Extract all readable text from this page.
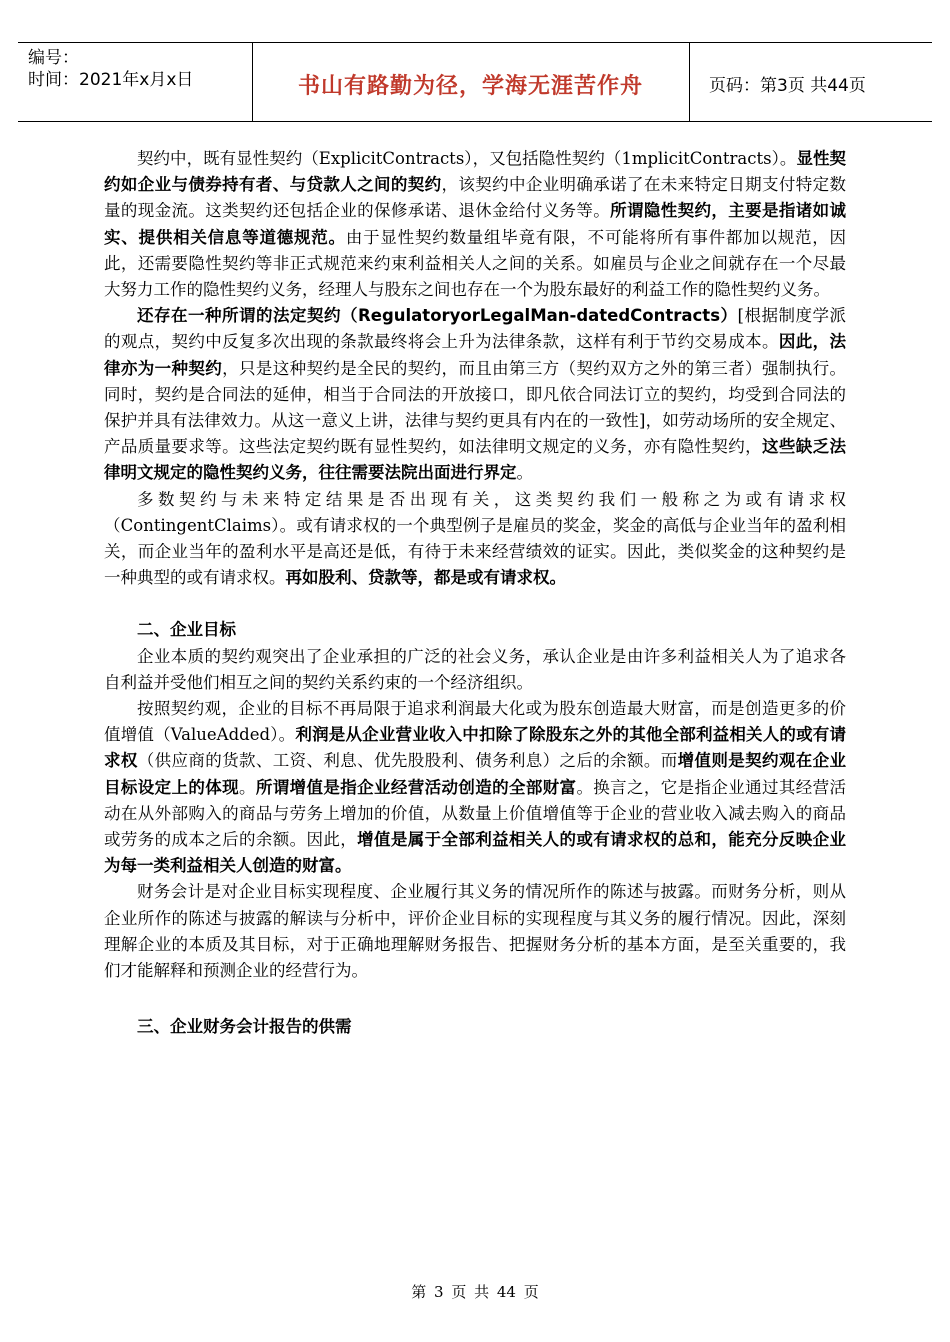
编号：
时间：2021年x月x日	书山有路勤为径，学海无涯苦作舟	页码：第3页 共44页

契约中，既有显性契约（ExplicitContracts），又包括隐性契约（1mplicitContracts）。显性契约如企业与债券持有者、与贷款人之间的契约，该契约中企业明确承诺了在未来特定日期支付特定数量的现金流。这类契约还包括企业的保修承诺、退休金给付义务等。所谓隐性契约，主要是指诸如诚实、提供相关信息等道德规范。由于显性契约数量组毕竟有限，不可能将所有事件都加以规范，因此，还需要隐性契约等非正式规范来约束利益相关人之间的关系。如雇员与企业之间就存在一个尽最大努力工作的隐性契约义务，经理人与股东之间也存在一个为股东最好的利益工作的隐性契约义务。

还存在一种所谓的法定契约（RegulatoryorLegalMan-datedContracts）[根据制度学派的观点，契约中反复多次出现的条款最终将会上升为法律条款，这样有利于节约交易成本。因此，法律亦为一种契约，只是这种契约是全民的契约，而且由第三方（契约双方之外的第三者）强制执行。同时，契约是合同法的延伸，相当于合同法的开放接口，即凡依合同法订立的契约，均受到合同法的保护并具有法律效力。从这一意义上讲，法律与契约更具有内在的一致性]，如劳动场所的安全规定、产品质量要求等。这些法定契约既有显性契约，如法律明文规定的义务，亦有隐性契约，这些缺乏法律明文规定的隐性契约义务，往往需要法院出面进行界定。

多数契约与未来特定结果是否出现有关，这类契约我们一般称之为或有请求权（ContingentClaims）。或有请求权的一个典型例子是雇员的奖金，奖金的高低与企业当年的盈利相关，而企业当年的盈利水平是高还是低，有待于未来经营绩效的证实。因此，类似奖金的这种契约是一种典型的或有请求权。再如股利、贷款等，都是或有请求权。

二、企业目标

企业本质的契约观突出了企业承担的广泛的社会义务，承认企业是由许多利益相关人为了追求各自利益并受他们相互之间的契约关系约束的一个经济组织。

按照契约观，企业的目标不再局限于追求利润最大化或为股东创造最大财富，而是创造更多的价值增值（ValueAdded）。利润是从企业营业收入中扣除了除股东之外的其他全部利益相关人的或有请求权（供应商的货款、工资、利息、优先股股利、债务利息）之后的余额。而增值则是契约观在企业目标设定上的体现。所谓增值是指企业经营活动创造的全部财富。换言之，它是指企业通过其经营活动在从外部购入的商品与劳务上增加的价值，从数量上价值增值等于企业的营业收入减去购入的商品或劳务的成本之后的余额。因此，增值是属于全部利益相关人的或有请求权的总和，能充分反映企业为每一类利益相关人创造的财富。

财务会计是对企业目标实现程度、企业履行其义务的情况所作的陈述与披露。而财务分析，则从企业所作的陈述与披露的解读与分析中，评价企业目标的实现程度与其义务的履行情况。因此，深刻理解企业的本质及其目标，对于正确地理解财务报告、把握财务分析的基本方面，是至关重要的，我们才能解释和预测企业的经营行为。

三、企业财务会计报告的供需

第 3 页 共 44 页
